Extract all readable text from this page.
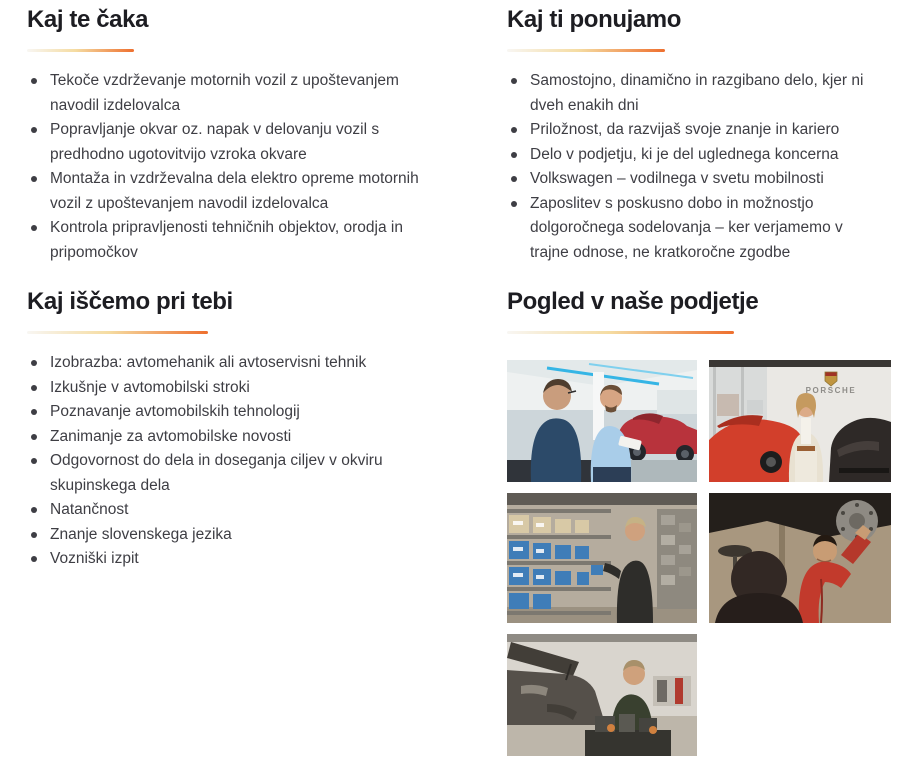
Kaj te čaka
Tekoče vzdrževanje motornih vozil z upoštevanjem navodil izdelovalca
Popravljanje okvar oz. napak v delovanju vozil s predhodno ugotovitvijo vzroka okvare
Montaža in vzdrževalna dela elektro opreme motornih vozil z upoštevanjem navodil izdelovalca
Kontrola pripravljenosti tehničnih objektov, orodja in pripomočkov
Kaj ti ponujamo
Samostojno, dinamično in razgibano delo, kjer ni dveh enakih dni
Priložnost, da razvijaš svoje znanje in kariero
Delo v podjetju, ki je del uglednega koncerna
Volkswagen – vodilnega v svetu mobilnosti
Zaposlitev s poskusno dobo in možnostjo dolgoročnega sodelovanja – ker verjamemo v trajne odnose, ne kratkoročne zgodbe
Kaj iščemo pri tebi
Izobrazba: avtomehanik ali avtoservisni tehnik
Izkušnje v avtomobilski stroki
Poznavanje avtomobilskih tehnologij
Zanimanje za avtomobilske novosti
Odgovornost do dela in doseganja ciljev v okviru skupinskega dela
Natančnost
Znanje slovenskega jezika
Vozniški izpit
Pogled v naše podjetje
PORSCHE
